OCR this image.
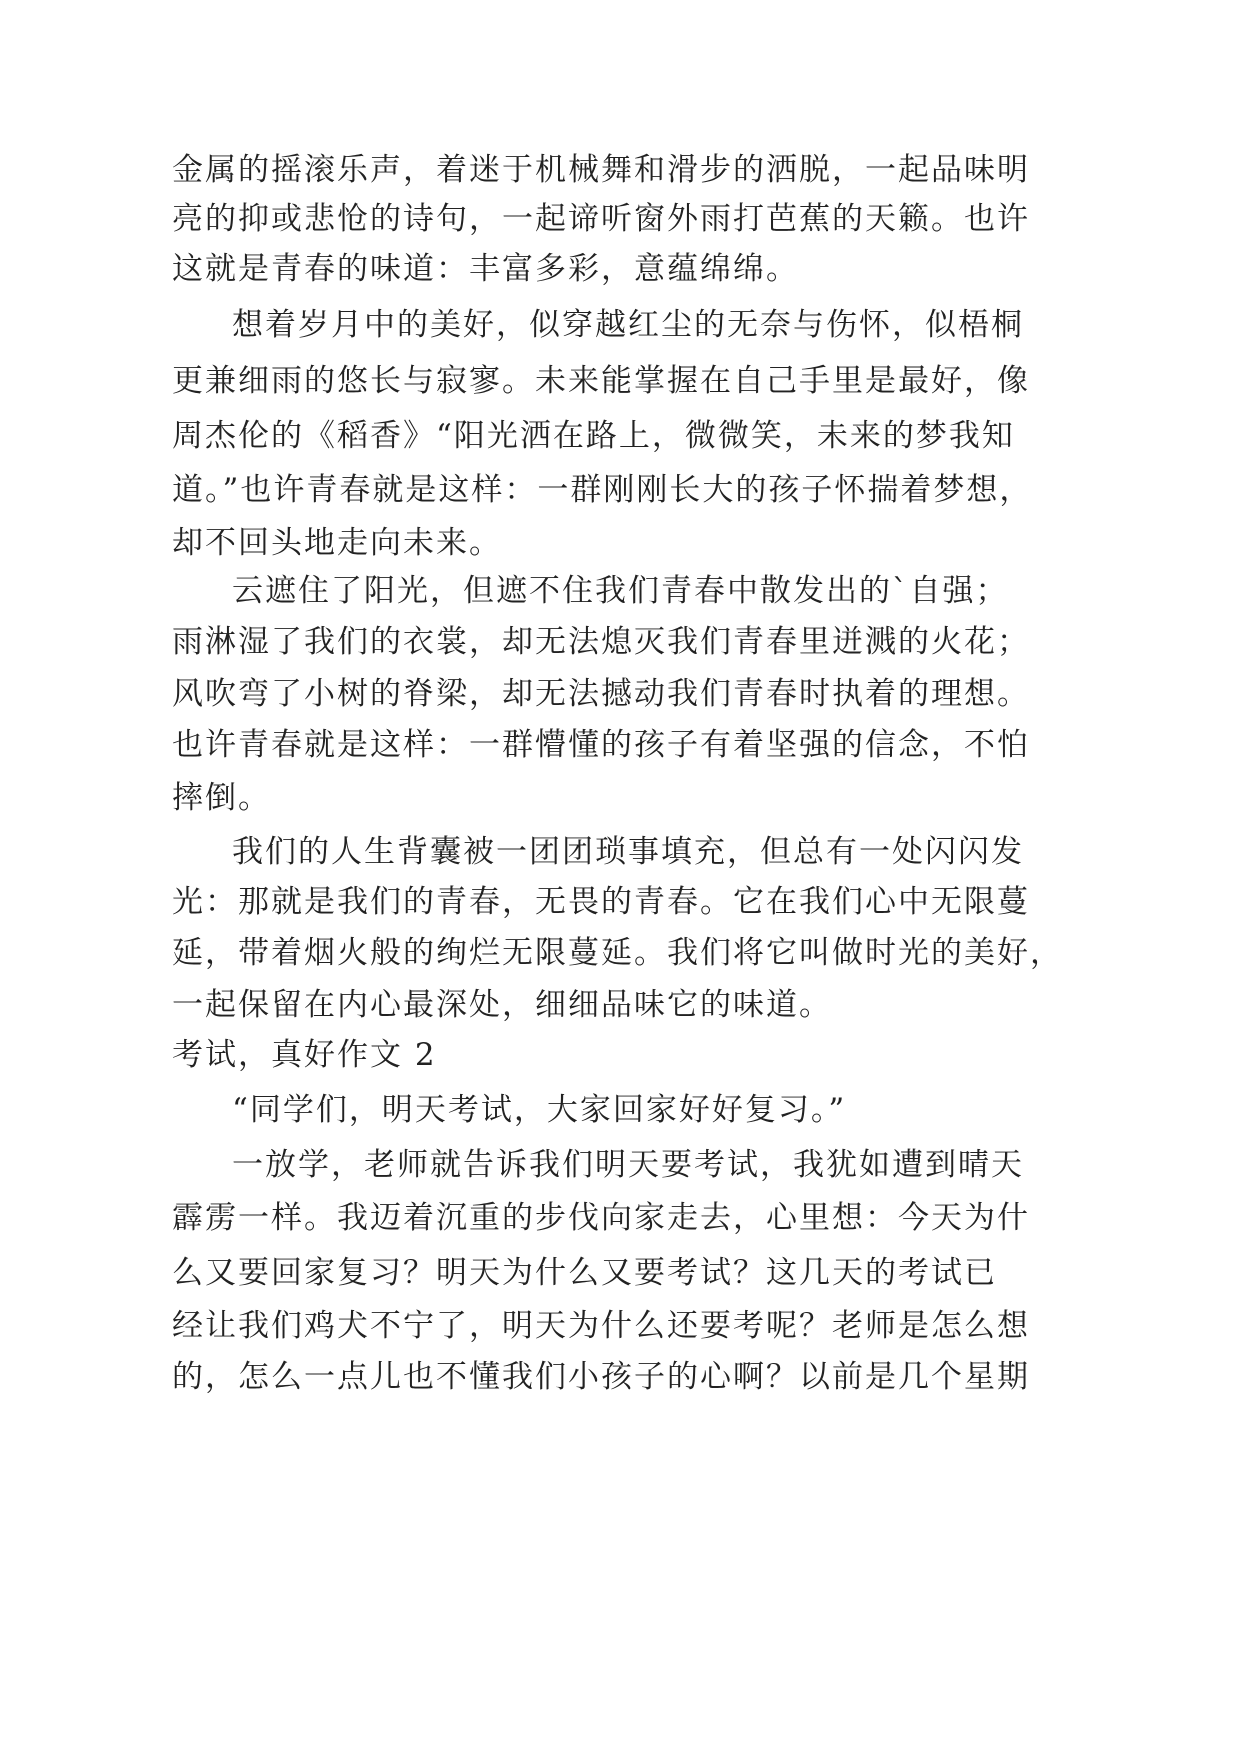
金属的摇滚乐声，着迷于机械舞和滑步的洒脱，一起品味明
亮的抑或悲怆的诗句，一起谛听窗外雨打芭蕉的天籁。也许
这就是青春的味道：丰富多彩，意蕴绵绵。
想着岁月中的美好，似穿越红尘的无奈与伤怀，似梧桐
更兼细雨的悠长与寂寥。未来能掌握在自己手里是最好，像
周杰伦的《稻香》“阳光洒在路上，微微笑，未来的梦我知
道。”也许青春就是这样：一群刚刚长大的孩子怀揣着梦想，
却不回头地走向未来。
云遮住了阳光，但遮不住我们青春中散发出的`自强；
雨淋湿了我们的衣裳，却无法熄灭我们青春里迸溅的火花；
风吹弯了小树的脊梁，却无法撼动我们青春时执着的理想。
也许青春就是这样：一群懵懂的孩子有着坚强的信念，不怕
摔倒。
我们的人生背囊被一团团琐事填充，但总有一处闪闪发
光：那就是我们的青春，无畏的青春。它在我们心中无限蔓
延，带着烟火般的绚烂无限蔓延。我们将它叫做时光的美好，
一起保留在内心最深处，细细品味它的味道。
考试，真好作文 2
“同学们，明天考试，大家回家好好复习。”
一放学，老师就告诉我们明天要考试，我犹如遭到晴天
霹雳一样。我迈着沉重的步伐向家走去，心里想：今天为什
么又要回家复习？明天为什么又要考试？这几天的考试已
经让我们鸡犬不宁了，明天为什么还要考呢？老师是怎么想
的，怎么一点儿也不懂我们小孩子的心啊？以前是几个星期
